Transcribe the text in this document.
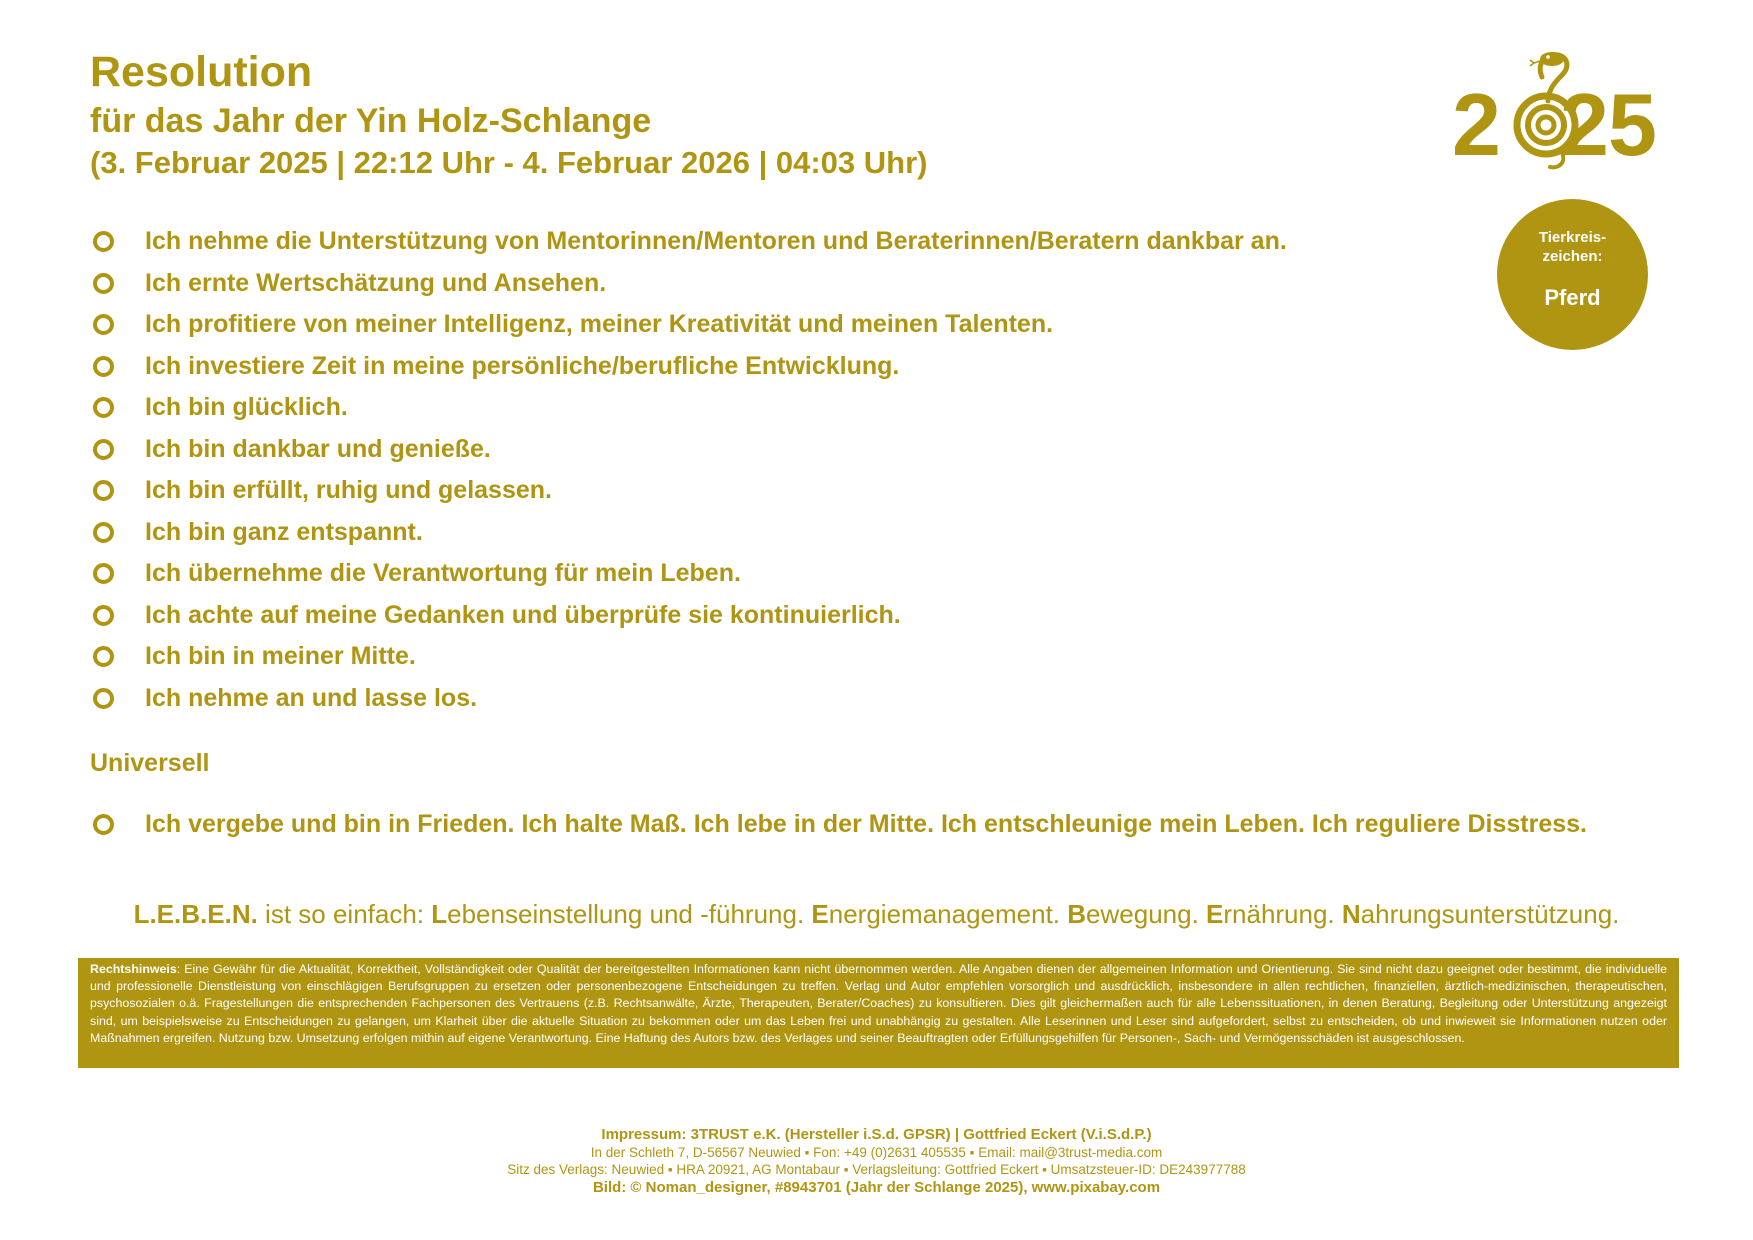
Resolution
für das Jahr der Yin Holz-Schlange
(3. Februar 2025 | 22:12 Uhr - 4. Februar 2026 | 04:03 Uhr)	2 2 5
Tierkreis-zeichen:
Pferd
Ich nehme die Unterstützung von Mentorinnen/Mentoren und Beraterinnen/Beratern dankbar an.
Ich ernte Wertschätzung und Ansehen.
Ich profitiere von meiner Intelligenz, meiner Kreativität und meinen Talenten.
Ich investiere Zeit in meine persönliche/berufliche Entwicklung.
Ich bin glücklich.
Ich bin dankbar und genieße.
Ich bin erfüllt, ruhig und gelassen.
Ich bin ganz entspannt.
Ich übernehme die Verantwortung für mein Leben.
Ich achte auf meine Gedanken und überprüfe sie kontinuierlich.
Ich bin in meiner Mitte.
Ich nehme an und lasse los.
Universell
Ich vergebe und bin in Frieden. Ich halte Maß. Ich lebe in der Mitte. Ich entschleunige mein Leben. Ich reguliere Disstress.
L.E.B.E.N. ist so einfach: Lebenseinstellung und -führung. Energiemanagement. Bewegung. Ernährung. Nahrungsunterstützung.
Rechtshinweis: Eine Gewähr für die Aktualität, Korrektheit, Vollständigkeit oder Qualität der bereitgestellten Informationen kann nicht übernommen werden. Alle Angaben dienen der allgemeinen Information und Orientierung. Sie sind nicht dazu geeignet oder bestimmt, die individuelle und professionelle Dienstleistung von einschlägigen Berufsgruppen zu ersetzen oder personenbezogene Entscheidungen zu treffen. Verlag und Autor empfehlen vorsorglich und ausdrücklich, insbesondere in allen rechtlichen, finanziellen, ärztlich-medizinischen, therapeutischen, psychosozialen o.ä. Fragestellungen die entsprechenden Fachpersonen des Vertrauens (z.B. Rechtsanwälte, Ärzte, Therapeuten, Berater/Coaches) zu konsultieren. Dies gilt gleichermaßen auch für alle Lebenssituationen, in denen Beratung, Begleitung oder Unterstützung angezeigt sind, um beispielsweise zu Entscheidungen zu gelangen, um Klarheit über die aktuelle Situation zu bekommen oder um das Leben frei und unabhängig zu gestalten. Alle Leserinnen und Leser sind aufgefordert, selbst zu entscheiden, ob und inwieweit sie Informationen nutzen oder Maßnahmen ergreifen. Nutzung bzw. Umsetzung erfolgen mithin auf eigene Verantwortung. Eine Haftung des Autors bzw. des Verlages und seiner Beauftragten oder Erfüllungsgehilfen für Personen-, Sach- und Vermögensschäden ist ausgeschlossen.
Impressum: 3TRUST e.K. (Hersteller i.S.d. GPSR) | Gottfried Eckert (V.i.S.d.P.)
In der Schleth 7, D-56567 Neuwied ▪ Fon: +49 (0)2631 405535 ▪ Email: mail@3trust-media.com
Sitz des Verlags: Neuwied ▪ HRA 20921, AG Montabaur ▪ Verlagsleitung: Gottfried Eckert ▪ Umsatzsteuer-ID: DE243977788
Bild: © Noman_designer, #8943701 (Jahr der Schlange 2025), www.pixabay.com
